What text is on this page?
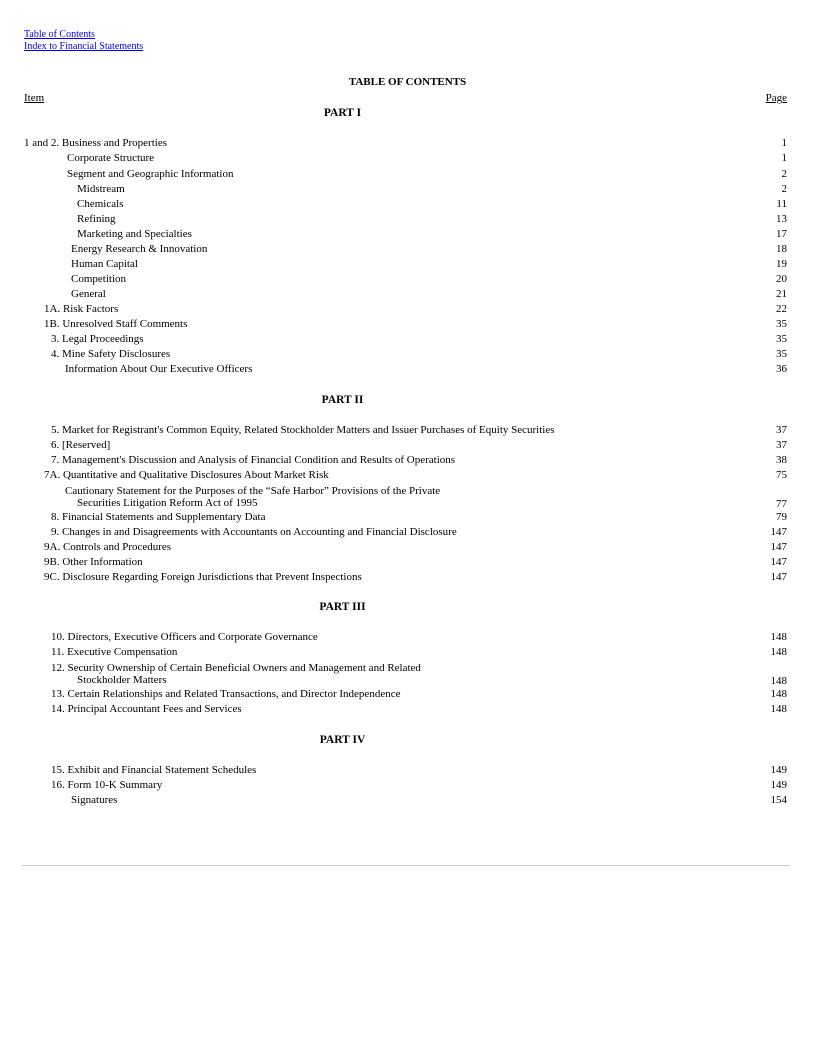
Table of Contents
Index to Financial Statements
TABLE OF CONTENTS
Item	Page
PART I
1 and 2. Business and Properties	1
Corporate Structure	1
Segment and Geographic Information	2
Midstream	2
Chemicals	11
Refining	13
Marketing and Specialties	17
Energy Research & Innovation	18
Human Capital	19
Competition	20
General	21
1A. Risk Factors	22
1B. Unresolved Staff Comments	35
3. Legal Proceedings	35
4. Mine Safety Disclosures	35
Information About Our Executive Officers	36
PART II
5. Market for Registrant's Common Equity, Related Stockholder Matters and Issuer Purchases of Equity Securities	37
6. [Reserved]	37
7. Management's Discussion and Analysis of Financial Condition and Results of Operations	38
7A. Quantitative and Qualitative Disclosures About Market Risk	75
Cautionary Statement for the Purposes of the “Safe Harbor” Provisions of the Private
Securities Litigation Reform Act of 1995	77
8. Financial Statements and Supplementary Data	79
9. Changes in and Disagreements with Accountants on Accounting and Financial Disclosure	147
9A. Controls and Procedures	147
9B. Other Information	147
9C. Disclosure Regarding Foreign Jurisdictions that Prevent Inspections	147
PART III
10. Directors, Executive Officers and Corporate Governance	148
11. Executive Compensation	148
12. Security Ownership of Certain Beneficial Owners and Management and Related
Stockholder Matters	148
13. Certain Relationships and Related Transactions, and Director Independence	148
14. Principal Accountant Fees and Services	148
PART IV
15. Exhibit and Financial Statement Schedules	149
16. Form 10-K Summary	149
Signatures	154
